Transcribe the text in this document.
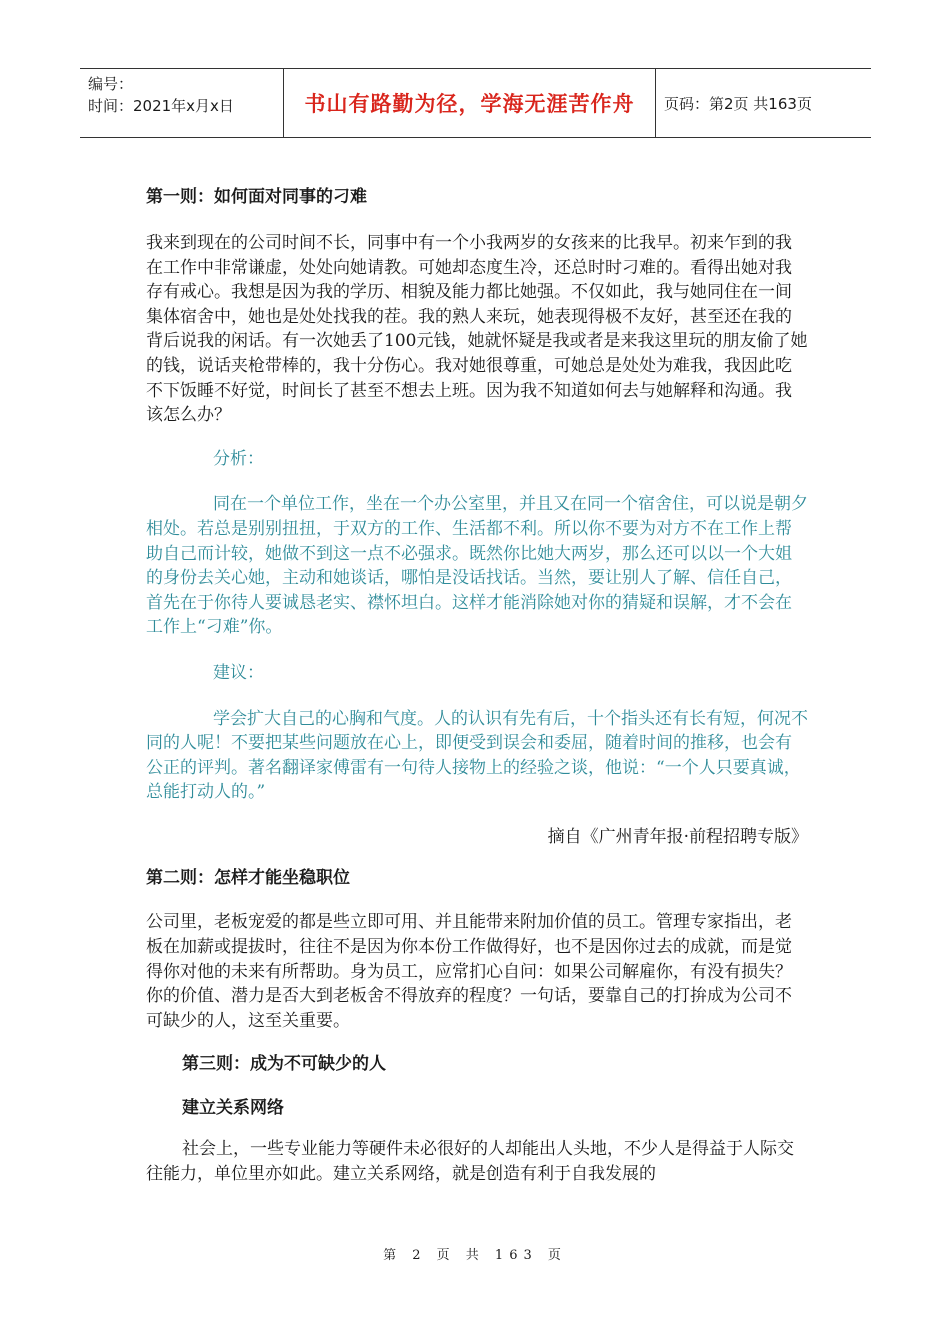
编号：
时间：2021年x月x日	书山有路勤为径，学海无涯苦作舟	页码：第2页 共163页
第一则：如何面对同事的刁难

我来到现在的公司时间不长，同事中有一个小我两岁的女孩来的比我早。初来乍到的我在工作中非常谦虚，处处向她请教。可她却态度生冷，还总时时刁难的。看得出她对我存有戒心。我想是因为我的学历、相貌及能力都比她强。不仅如此，我与她同住在一间集体宿舍中，她也是处处找我的茬。我的熟人来玩，她表现得极不友好，甚至还在我的背后说我的闲话。有一次她丢了100元钱，她就怀疑是我或者是来我这里玩的朋友偷了她的钱，说话夹枪带棒的，我十分伤心。我对她很尊重，可她总是处处为难我，我因此吃不下饭睡不好觉，时间长了甚至不想去上班。因为我不知道如何去与她解释和沟通。我该怎么办？

分析：

同在一个单位工作，坐在一个办公室里，并且又在同一个宿舍住，可以说是朝夕相处。若总是别别扭扭，于双方的工作、生活都不利。所以你不要为对方不在工作上帮助自己而计较，她做不到这一点不必强求。既然你比她大两岁，那么还可以以一个大姐的身份去关心她，主动和她谈话，哪怕是没话找话。当然，要让别人了解、信任自己，首先在于你待人要诚恳老实、襟怀坦白。这样才能消除她对你的猜疑和误解，才不会在工作上“刁难”你。

建议：

学会扩大自己的心胸和气度。人的认识有先有后，十个指头还有长有短，何况不同的人呢！不要把某些问题放在心上，即便受到误会和委屈，随着时间的推移，也会有公正的评判。著名翻译家傅雷有一句待人接物上的经验之谈，他说：“一个人只要真诚，总能打动人的。”

摘自《广州青年报·前程招聘专版》

第二则：怎样才能坐稳职位

公司里，老板宠爱的都是些立即可用、并且能带来附加价值的员工。管理专家指出，老板在加薪或提拔时，往往不是因为你本份工作做得好，也不是因你过去的成就，而是觉得你对他的未来有所帮助。身为员工，应常扪心自问：如果公司解雇你，有没有损失？你的价值、潜力是否大到老板舍不得放弃的程度？一句话，要靠自己的打拚成为公司不可缺少的人，这至关重要。

第三则：成为不可缺少的人
建立关系网络

社会上，一些专业能力等硬件未必很好的人却能出人头地，不少人是得益于人际交往能力，单位里亦如此。建立关系网络，就是创造有利于自我发展的

第 2 页 共 163 页
